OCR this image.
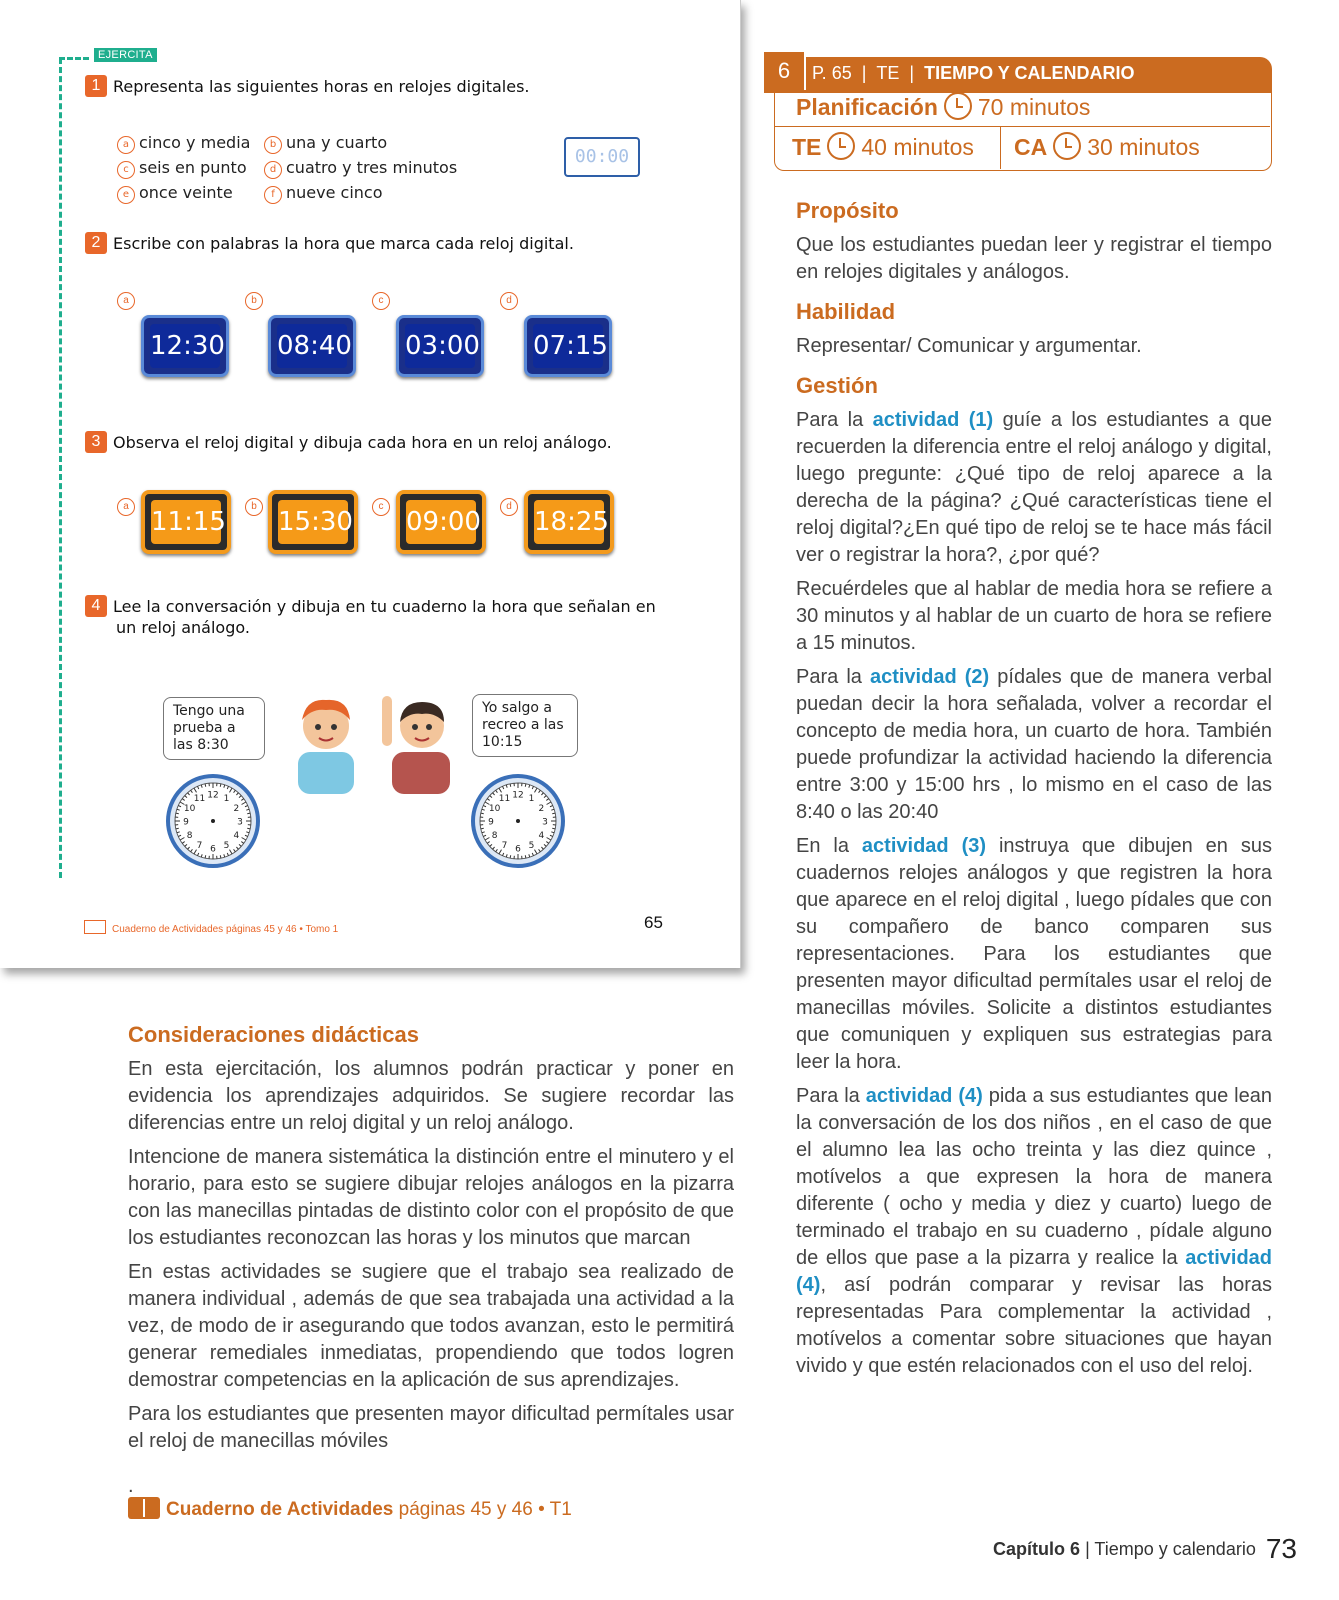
EJERCITA
1 Representa las siguientes horas en relojes digitales.
a cinco y media	b una y cuarto
c seis en punto	d cuatro y tres minutos
e once veinte	f nueve cinco
00:00
2 Escribe con palabras la hora que marca cada reloj digital.
a	b	c	d
12:30 08:40 03:00 07:15
3 Observa el reloj digital y dibuja cada hora en un reloj análogo.
a	b	c	d
11:15 15:30 09:00 18:25
4 Lee la conversación y dibuja en tu cuaderno la hora que señalan en
un reloj análogo.
Tengo una
prueba a
las 8:30
Yo salgo a
recreo a las
10:15
12 1
2
3
4
5
6
7
8
9
10
11	12 1
2
3
4
5
6
7
8
9
10
11
Cuaderno de Actividades páginas 45 y 46 • Tomo 1	65
6	P. 65  |  TE  |  TIEMPO Y CALENDARIO
Planificación 70 minutos
TE 40 minutos CA 30 minutos
Propósito
Que los estudiantes puedan leer y registrar el tiempo en relojes digitales y análogos.
Habilidad
Representar/ Comunicar y argumentar.
Gestión

Para la actividad (1) guíe a los estudiantes a que recuerden la diferencia entre el reloj análogo y digital, luego pregunte: ¿Qué tipo de reloj aparece a la derecha de la página? ¿Qué características tiene el reloj digital?¿En qué tipo de reloj se te hace más fácil ver o registrar la hora?, ¿por qué?

Recuérdeles que al hablar de media hora se refiere a 30 minutos y al hablar de un cuarto de hora se refiere a 15 minutos.

Para la actividad (2) pídales que de manera verbal puedan decir la hora señalada, volver a recordar el concepto de media hora, un cuarto de hora. También puede profundizar la actividad haciendo la diferencia entre 3:00 y 15:00 hrs , lo mismo en el caso de las 8:40 o las 20:40

En la actividad (3) instruya que dibujen en sus cuadernos relojes análogos y que registren la hora que aparece en el reloj digital , luego pídales que con su compañero de banco comparen sus representaciones. Para los estudiantes que presenten mayor dificultad permítales usar el reloj de manecillas móviles. Solicite a distintos estudiantes que comuniquen y expliquen sus estrategias para leer la hora.

Para la actividad (4) pida a sus estudiantes que lean la conversación de los dos niños , en el caso de que el alumno lea las ocho treinta y las diez quince , motívelos a que expresen la hora de manera diferente ( ocho y media y diez y cuarto) luego de terminado el trabajo en su cuaderno , pídale alguno de ellos que pase a la pizarra y realice la actividad (4), así podrán comparar y revisar las horas representadas Para complementar la actividad , motívelos a comentar sobre situaciones que hayan vivido y que estén relacionados con el uso del reloj.

Consideraciones didácticas

En esta ejercitación, los alumnos podrán practicar y poner en evidencia los aprendizajes adquiridos. Se sugiere recordar las diferencias entre un reloj digital y un reloj análogo.

Intencione de manera sistemática la distinción entre el minutero y el horario, para esto se sugiere dibujar relojes análogos en la pizarra con las manecillas pintadas de distinto color con el propósito de que los estudiantes reconozcan las horas y los minutos que marcan

En estas actividades se sugiere que el trabajo sea realizado de manera individual , además de que sea trabajada una actividad a la vez, de modo de ir asegurando que todos avanzan, esto le permitirá generar remediales inmediatas, propendiendo que todos logren demostrar competencias en la aplicación de sus aprendizajes.

Para los estudiantes que presenten mayor dificultad permítales usar el reloj de manecillas móviles

.

Cuaderno de Actividades páginas 45 y 46 • T1
Capítulo 6 | Tiempo y calendario 73
